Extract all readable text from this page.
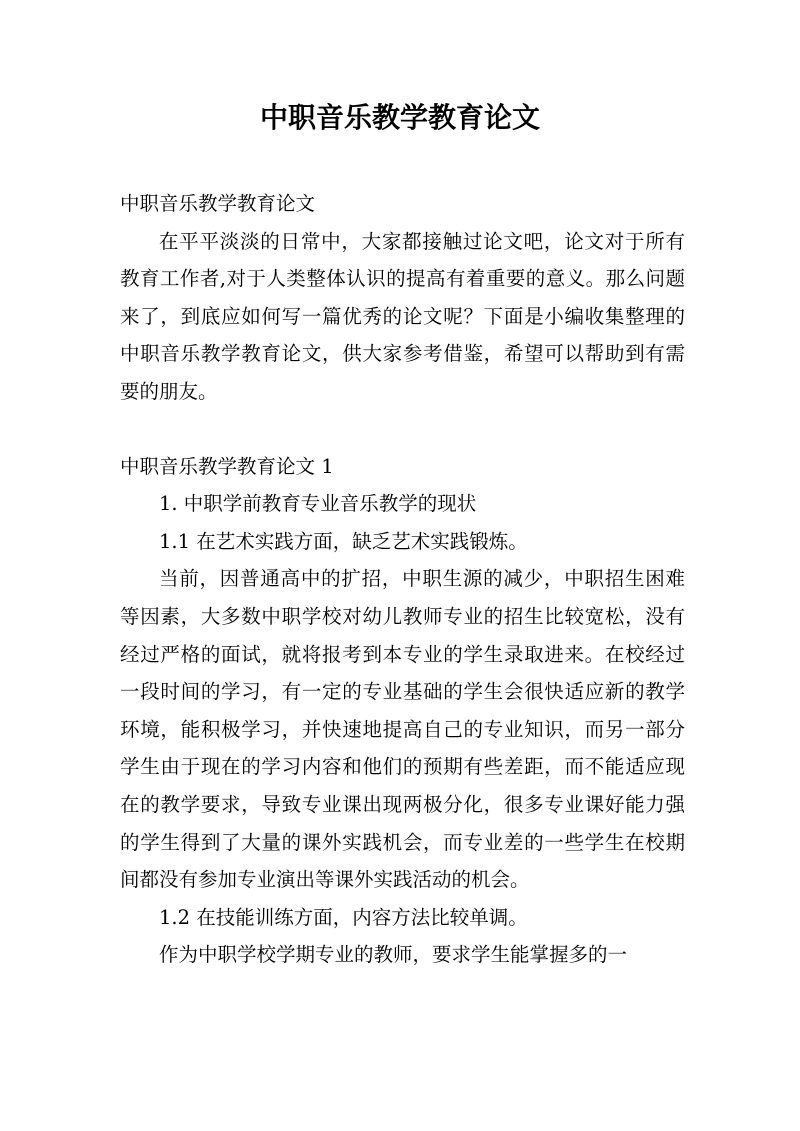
中职音乐教学教育论文

中职音乐教学教育论文

在平平淡淡的日常中，大家都接触过论文吧，论文对于所有教育工作者,对于人类整体认识的提高有着重要的意义。那么问题来了，到底应如何写一篇优秀的论文呢？下面是小编收集整理的中职音乐教学教育论文，供大家参考借鉴，希望可以帮助到有需要的朋友。

中职音乐教学教育论文 1

1. 中职学前教育专业音乐教学的现状

1.1 在艺术实践方面，缺乏艺术实践锻炼。

当前，因普通高中的扩招，中职生源的减少，中职招生困难等因素，大多数中职学校对幼儿教师专业的招生比较宽松，没有经过严格的面试，就将报考到本专业的学生录取进来。在校经过一段时间的学习，有一定的专业基础的学生会很快适应新的教学环境，能积极学习，并快速地提高自己的专业知识，而另一部分学生由于现在的学习内容和他们的预期有些差距，而不能适应现在的教学要求，导致专业课出现两极分化，很多专业课好能力强的学生得到了大量的课外实践机会，而专业差的一些学生在校期间都没有参加专业演出等课外实践活动的机会。

1.2 在技能训练方面，内容方法比较单调。

作为中职学校学期专业的教师，要求学生能掌握多的一
